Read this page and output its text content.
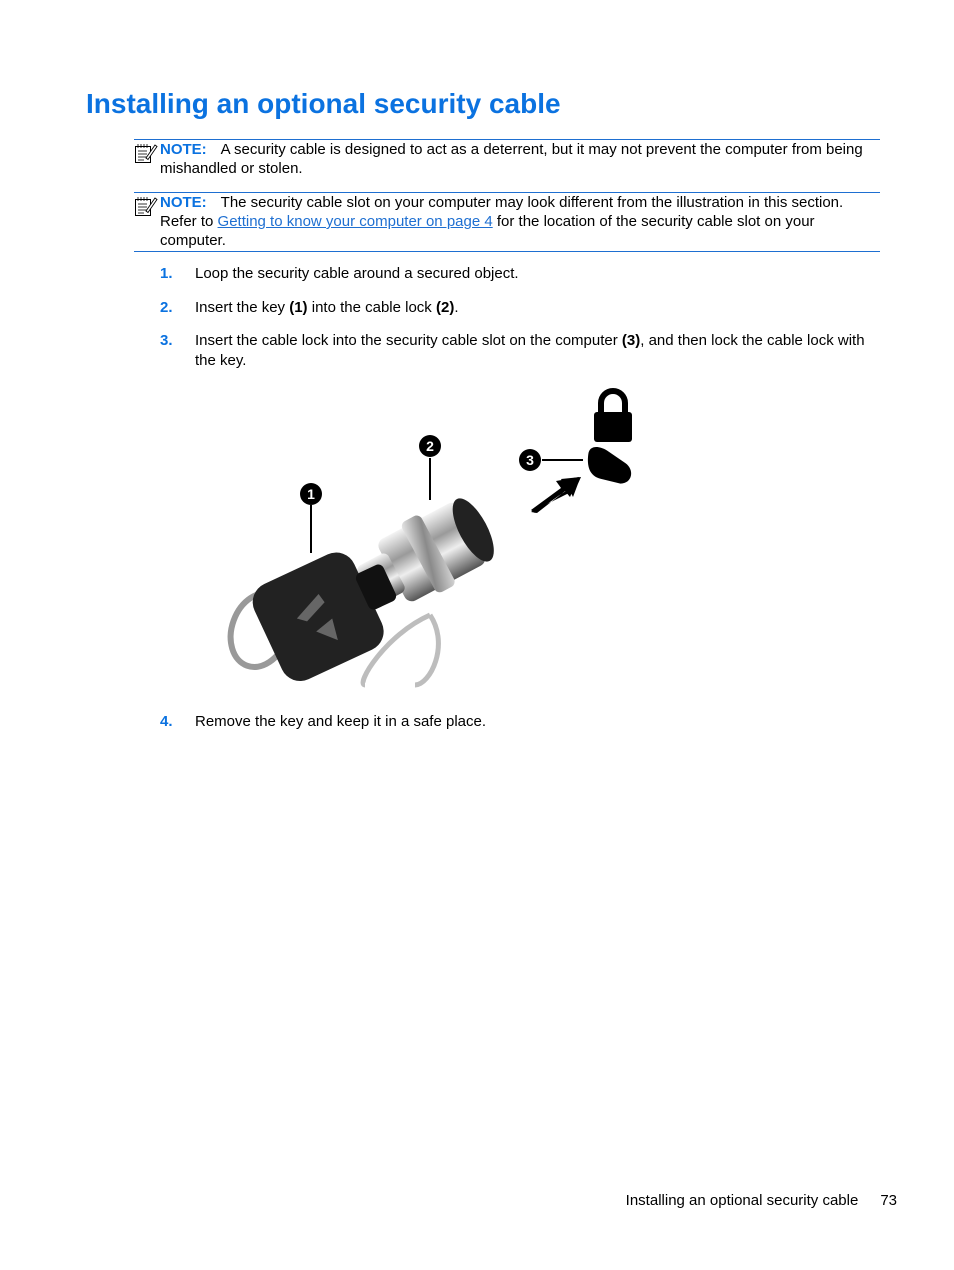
Installing an optional security cable
NOTE: A security cable is designed to act as a deterrent, but it may not prevent the computer from being mishandled or stolen.
NOTE: The security cable slot on your computer may look different from the illustration in this section. Refer to Getting to know your computer on page 4 for the location of the security cable slot on your computer.
1. Loop the security cable around a secured object.
2. Insert the key (1) into the cable lock (2).
3. Insert the cable lock into the security cable slot on the computer (3), and then lock the cable lock with the key.
1
2
3
4. Remove the key and keep it in a safe place.
Installing an optional security cable 73
